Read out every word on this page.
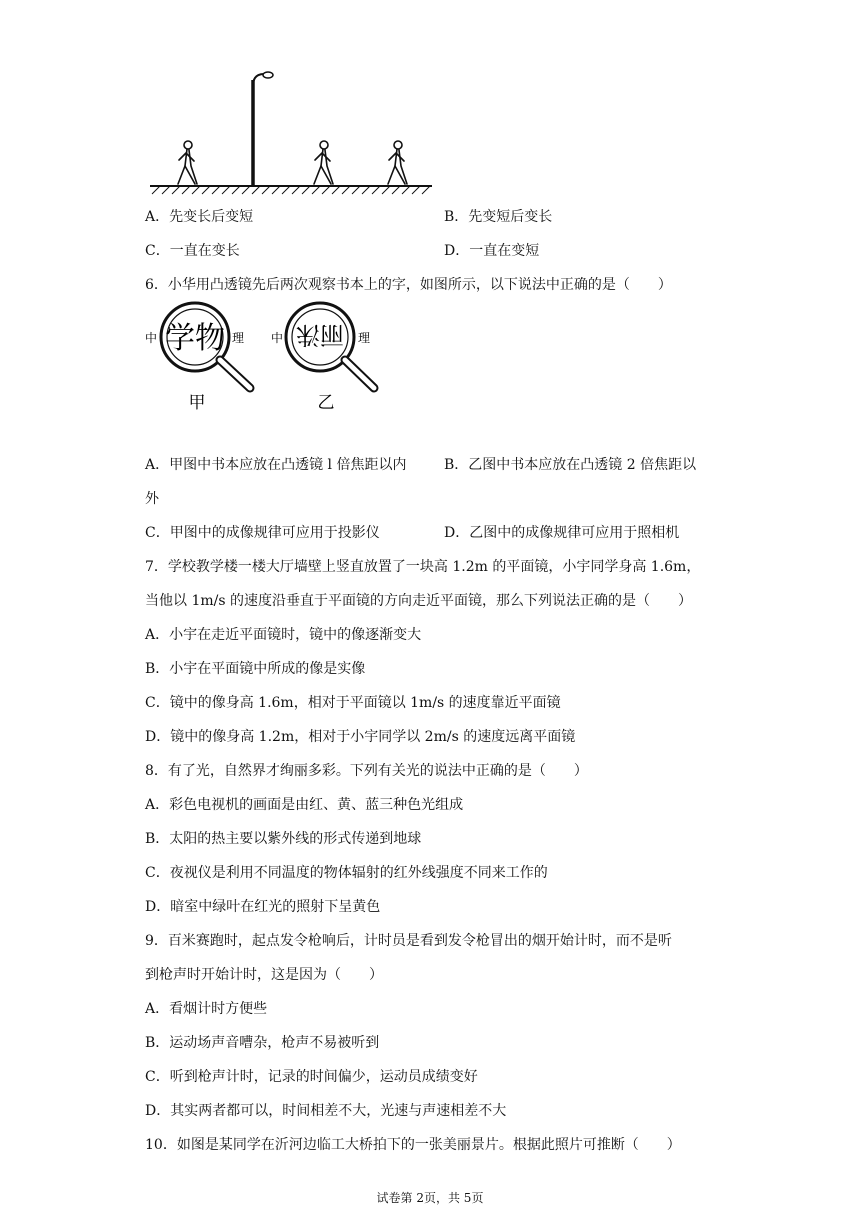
A．先变长后变短	B．先变短后变长
C．一直在变长	D．一直在变短
6．小华用凸透镜先后两次观察书本上的字，如图所示，以下说法中正确的是（　　）
中 学物 理
甲
中 丽洙 理
乙
A．甲图中书本应放在凸透镜 l 倍焦距以内	B．乙图中书本应放在凸透镜 2 倍焦距以
外
C．甲图中的成像规律可应用于投影仪	D．乙图中的成像规律可应用于照相机
7．学校教学楼一楼大厅墙壁上竖直放置了一块高 1.2m 的平面镜，小宇同学身高 1.6m，
当他以 1m/s 的速度沿垂直于平面镜的方向走近平面镜，那么下列说法正确的是（　　）
A．小宇在走近平面镜时，镜中的像逐渐变大
B．小宇在平面镜中所成的像是实像
C．镜中的像身高 1.6m，相对于平面镜以 1m/s 的速度靠近平面镜
D．镜中的像身高 1.2m，相对于小宇同学以 2m/s 的速度远离平面镜
8．有了光，自然界才绚丽多彩。下列有关光的说法中正确的是（　　）
A．彩色电视机的画面是由红、黄、蓝三种色光组成
B．太阳的热主要以紫外线的形式传递到地球
C．夜视仪是利用不同温度的物体辐射的红外线强度不同来工作的
D．暗室中绿叶在红光的照射下呈黄色
9．百米赛跑时，起点发令枪响后，计时员是看到发令枪冒出的烟开始计时，而不是听
到枪声时开始计时，这是因为（　　）
A．看烟计时方便些
B．运动场声音嘈杂，枪声不易被听到
C．听到枪声计时，记录的时间偏少，运动员成绩变好
D．其实两者都可以，时间相差不大，光速与声速相差不大
10．如图是某同学在沂河边临工大桥拍下的一张美丽景片。根据此照片可推断（　　）
试卷第 2页，共 5页
